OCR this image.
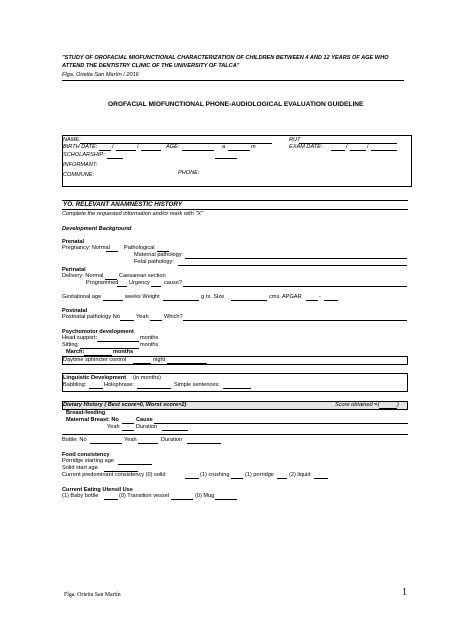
"STUDY OF OROFACIAL MIOFUNCTIONAL CHARACTERIZATION OF CHILDREN BETWEEN 4 AND 12 YEARS OF AGE WHO
ATTEND THE DENTISTRY CLINIC OF THE UNIVERSITY OF TALCA"
Flga. Orietta San Martín / 2016
OROFACIAL MIOFUNCTIONAL PHONE-AUDIOLOGICAL EVALUATION GUIDELINE
NAME:	RUT
BIRTH DATE:	/	/	AGE:	a	m	EXAM DATE:	/	/
SCHOLARSHIP:
INFORMANT:
COMMUNE:	PHONE:
YO. RELEVANT ANAMNESTIC HISTORY
Complete the requested information and/or mark with "X"
Development Background
Prenatal
Pregnancy: Normal	Pathological
Maternal pathology:
Fetal pathology:
Perinatal
Delivery: Normal	Caesarean section
Programmed Urgency	cause?
Gestational age	weeks Weight	g rs. Size	cms. APGAR	-
Postnatal
Postnatal pathology No	Yeah	Which?
Psychomotor development
Head support:	months
Sitting:	months
March:	months
Daytime sphincter control	night
Linguistic Development (in months)
Babbling:	Holophrase:	Simple sentences:
Dietary History ( Best score=0, Worst score=2)	Score obtained =(	)
Breast-feeding
Maternal Breast: No	Cause
Yeah	Duration
Bottle: No	Yeah	Duration
Food consistency
Porridge starting age
Solid start age
Current predominant consistency (0) solid	(1) crushing	(1) porridge	(2) liquid
Current Eating Utensil Use
(1) Baby bottle	(0) Transition vessel	(0) Mug
Flga. Orietta San Martín	1
